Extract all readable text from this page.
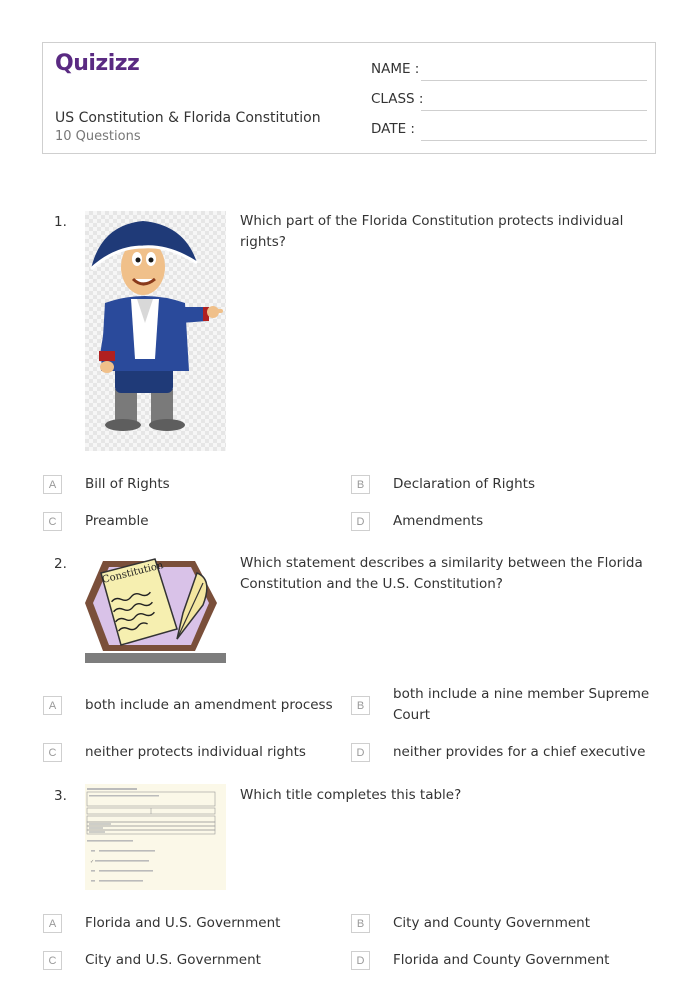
Quizizz
US Constitution & Florida Constitution
10 Questions
NAME :
CLASS :
DATE :
1.	Which part of the Florida Constitution protects individual rights?
A	Bill of Rights	B	Declaration of Rights
C	Preamble	D	Amendments
2.	Constitution	Which statement describes a similarity between the Florida Constitution and the U.S. Constitution?
A	both include an amendment process	B
both include a nine member Supreme Court
C	neither protects individual rights	D	neither provides for a chief executive
3.
✓
Which title completes this table?
A	Florida and U.S. Government	B	City and County Government
C	City and U.S. Government	D	Florida and County Government
